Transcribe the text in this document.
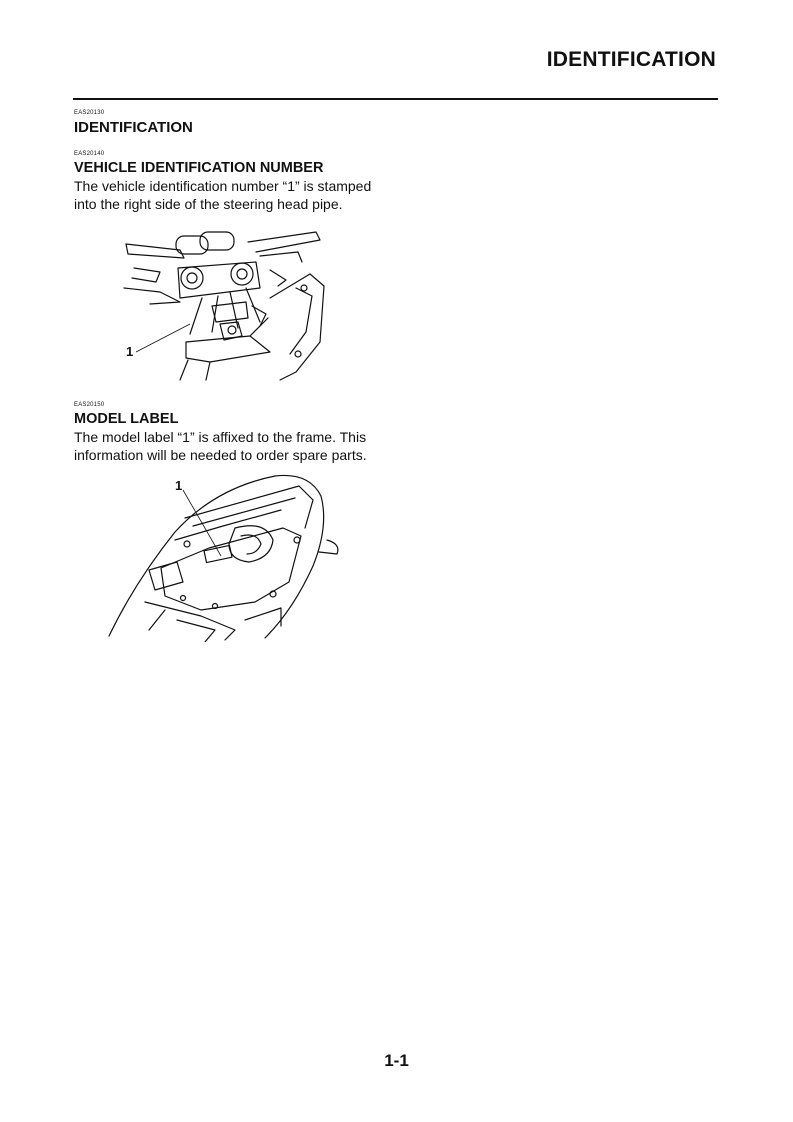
IDENTIFICATION
EAS20130
IDENTIFICATION
EAS20140
VEHICLE IDENTIFICATION NUMBER

The vehicle identification number “1” is stamped
into the right side of the steering head pipe.

1
EAS20150
MODEL LABEL

The model label “1” is affixed to the frame. This
information will be needed to order spare parts.

1
1-1
